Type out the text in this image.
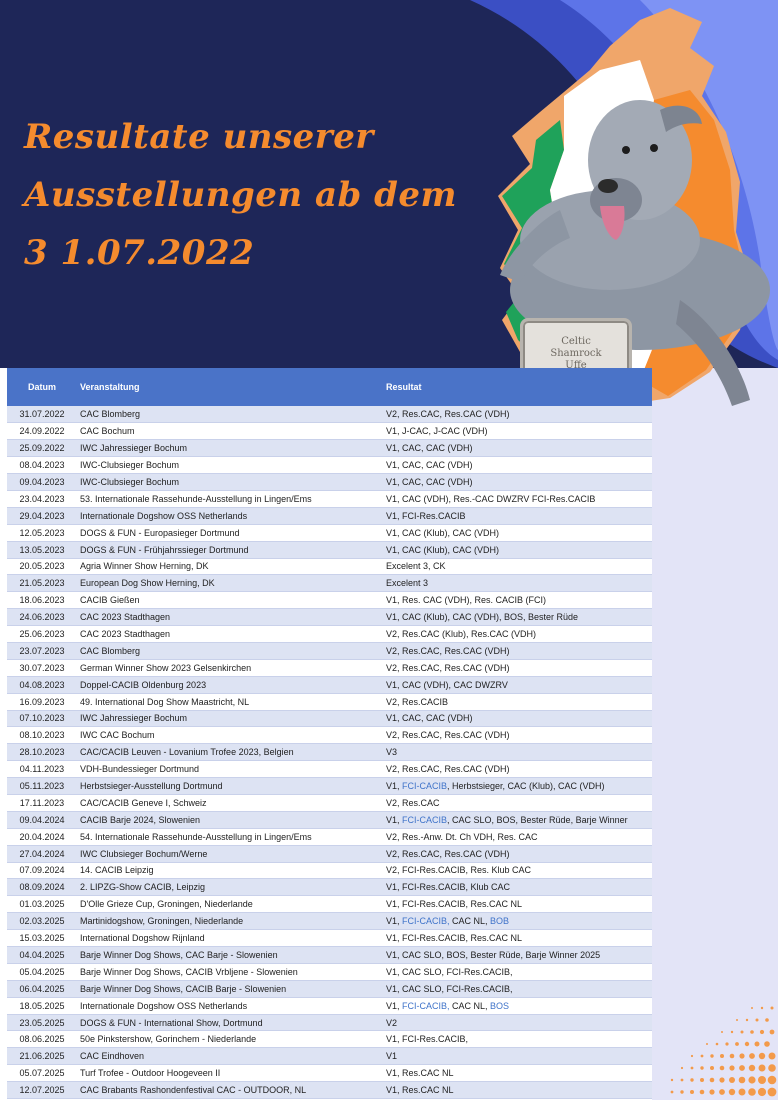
Resultate unserer
Ausstellungen ab dem
3 1.07.2022
Celtic
Shamrock
Uffe
Datum	Veranstaltung	Resultat
31.07.2022	CAC Blomberg	V2, Res.CAC, Res.CAC (VDH)
24.09.2022	CAC Bochum	V1, J-CAC, J-CAC (VDH)
25.09.2022	IWC Jahressieger Bochum	V1, CAC, CAC (VDH)
08.04.2023	IWC-Clubsieger Bochum	V1, CAC, CAC (VDH)
09.04.2023	IWC-Clubsieger Bochum	V1, CAC, CAC (VDH)
23.04.2023	53. Internationale Rassehunde-Ausstellung in Lingen/Ems	V1, CAC (VDH), Res.-CAC DWZRV FCI-Res.CACIB
29.04.2023	Internationale Dogshow OSS Netherlands	V1, FCI-Res.CACIB
12.05.2023	DOGS & FUN - Europasieger Dortmund	V1, CAC (Klub), CAC (VDH)
13.05.2023	DOGS & FUN - Frühjahrssieger Dortmund	V1, CAC (Klub), CAC (VDH)
20.05.2023	Agria Winner Show Herning, DK	Excelent 3, CK
21.05.2023	European Dog Show Herning, DK	Excelent 3
18.06.2023	CACIB Gießen	V1, Res. CAC (VDH), Res. CACIB (FCI)
24.06.2023	CAC 2023 Stadthagen	V1, CAC (Klub), CAC (VDH), BOS, Bester Rüde
25.06.2023	CAC 2023 Stadthagen	V2, Res.CAC (Klub), Res.CAC (VDH)
23.07.2023	CAC Blomberg	V2, Res.CAC, Res.CAC (VDH)
30.07.2023	German Winner Show 2023 Gelsenkirchen	V2, Res.CAC, Res.CAC (VDH)
04.08.2023	Doppel-CACIB Oldenburg 2023	V1, CAC (VDH), CAC DWZRV
16.09.2023	49. International Dog Show Maastricht, NL	V2, Res.CACIB
07.10.2023	IWC Jahressieger Bochum	V1, CAC, CAC (VDH)
08.10.2023	IWC CAC Bochum	V2, Res.CAC, Res.CAC (VDH)
28.10.2023	CAC/CACIB Leuven - Lovanium Trofee 2023, Belgien	V3
04.11.2023	VDH-Bundessieger Dortmund	V2, Res.CAC, Res.CAC (VDH)
05.11.2023	Herbstsieger-Ausstellung Dortmund	V1, FCI-CACIB, Herbstsieger, CAC (Klub), CAC (VDH)
17.11.2023	CAC/CACIB Geneve I, Schweiz	V2, Res.CAC
09.04.2024	CACIB Barje 2024, Slowenien	V1, FCI-CACIB, CAC SLO, BOS, Bester Rüde, Barje Winner
20.04.2024	54. Internationale Rassehunde-Ausstellung in Lingen/Ems	V2, Res.-Anw. Dt. Ch VDH, Res. CAC
27.04.2024	IWC Clubsieger Bochum/Werne	V2, Res.CAC, Res.CAC (VDH)
07.09.2024	14. CACIB Leipzig	V2, FCI-Res.CACIB, Res. Klub CAC
08.09.2024	2. LIPZG-Show CACIB, Leipzig	V1, FCI-Res.CACIB, Klub CAC
01.03.2025	D'Olle Grieze Cup, Groningen, Niederlande	V1, FCI-Res.CACIB, Res.CAC NL
02.03.2025	Martinidogshow, Groningen, Niederlande	V1, FCI-CACIB, CAC NL, BOB
15.03.2025	International Dogshow Rijnland	V1, FCI-Res.CACIB, Res.CAC NL
04.04.2025	Barje Winner Dog Shows, CAC Barje - Slowenien	V1, CAC SLO, BOS, Bester Rüde, Barje Winner 2025
05.04.2025	Barje Winner Dog Shows, CACIB Vrbljene - Slowenien	V1, CAC SLO, FCI-Res.CACIB,
06.04.2025	Barje Winner Dog Shows, CACIB Barje - Slowenien	V1, CAC SLO, FCI-Res.CACIB,
18.05.2025	Internationale Dogshow OSS Netherlands	V1, FCI-CACIB, CAC NL, BOS
23.05.2025	DOGS & FUN - International Show, Dortmund	V2
08.06.2025	50e Pinkstershow, Gorinchem - Niederlande	V1, FCI-Res.CACIB,
21.06.2025	CAC Eindhoven	V1
05.07.2025	Turf Trofee - Outdoor Hoogeveen II	V1, Res.CAC NL
12.07.2025	CAC Brabants Rashondenfestival CAC - OUTDOOR, NL	V1, Res.CAC NL
